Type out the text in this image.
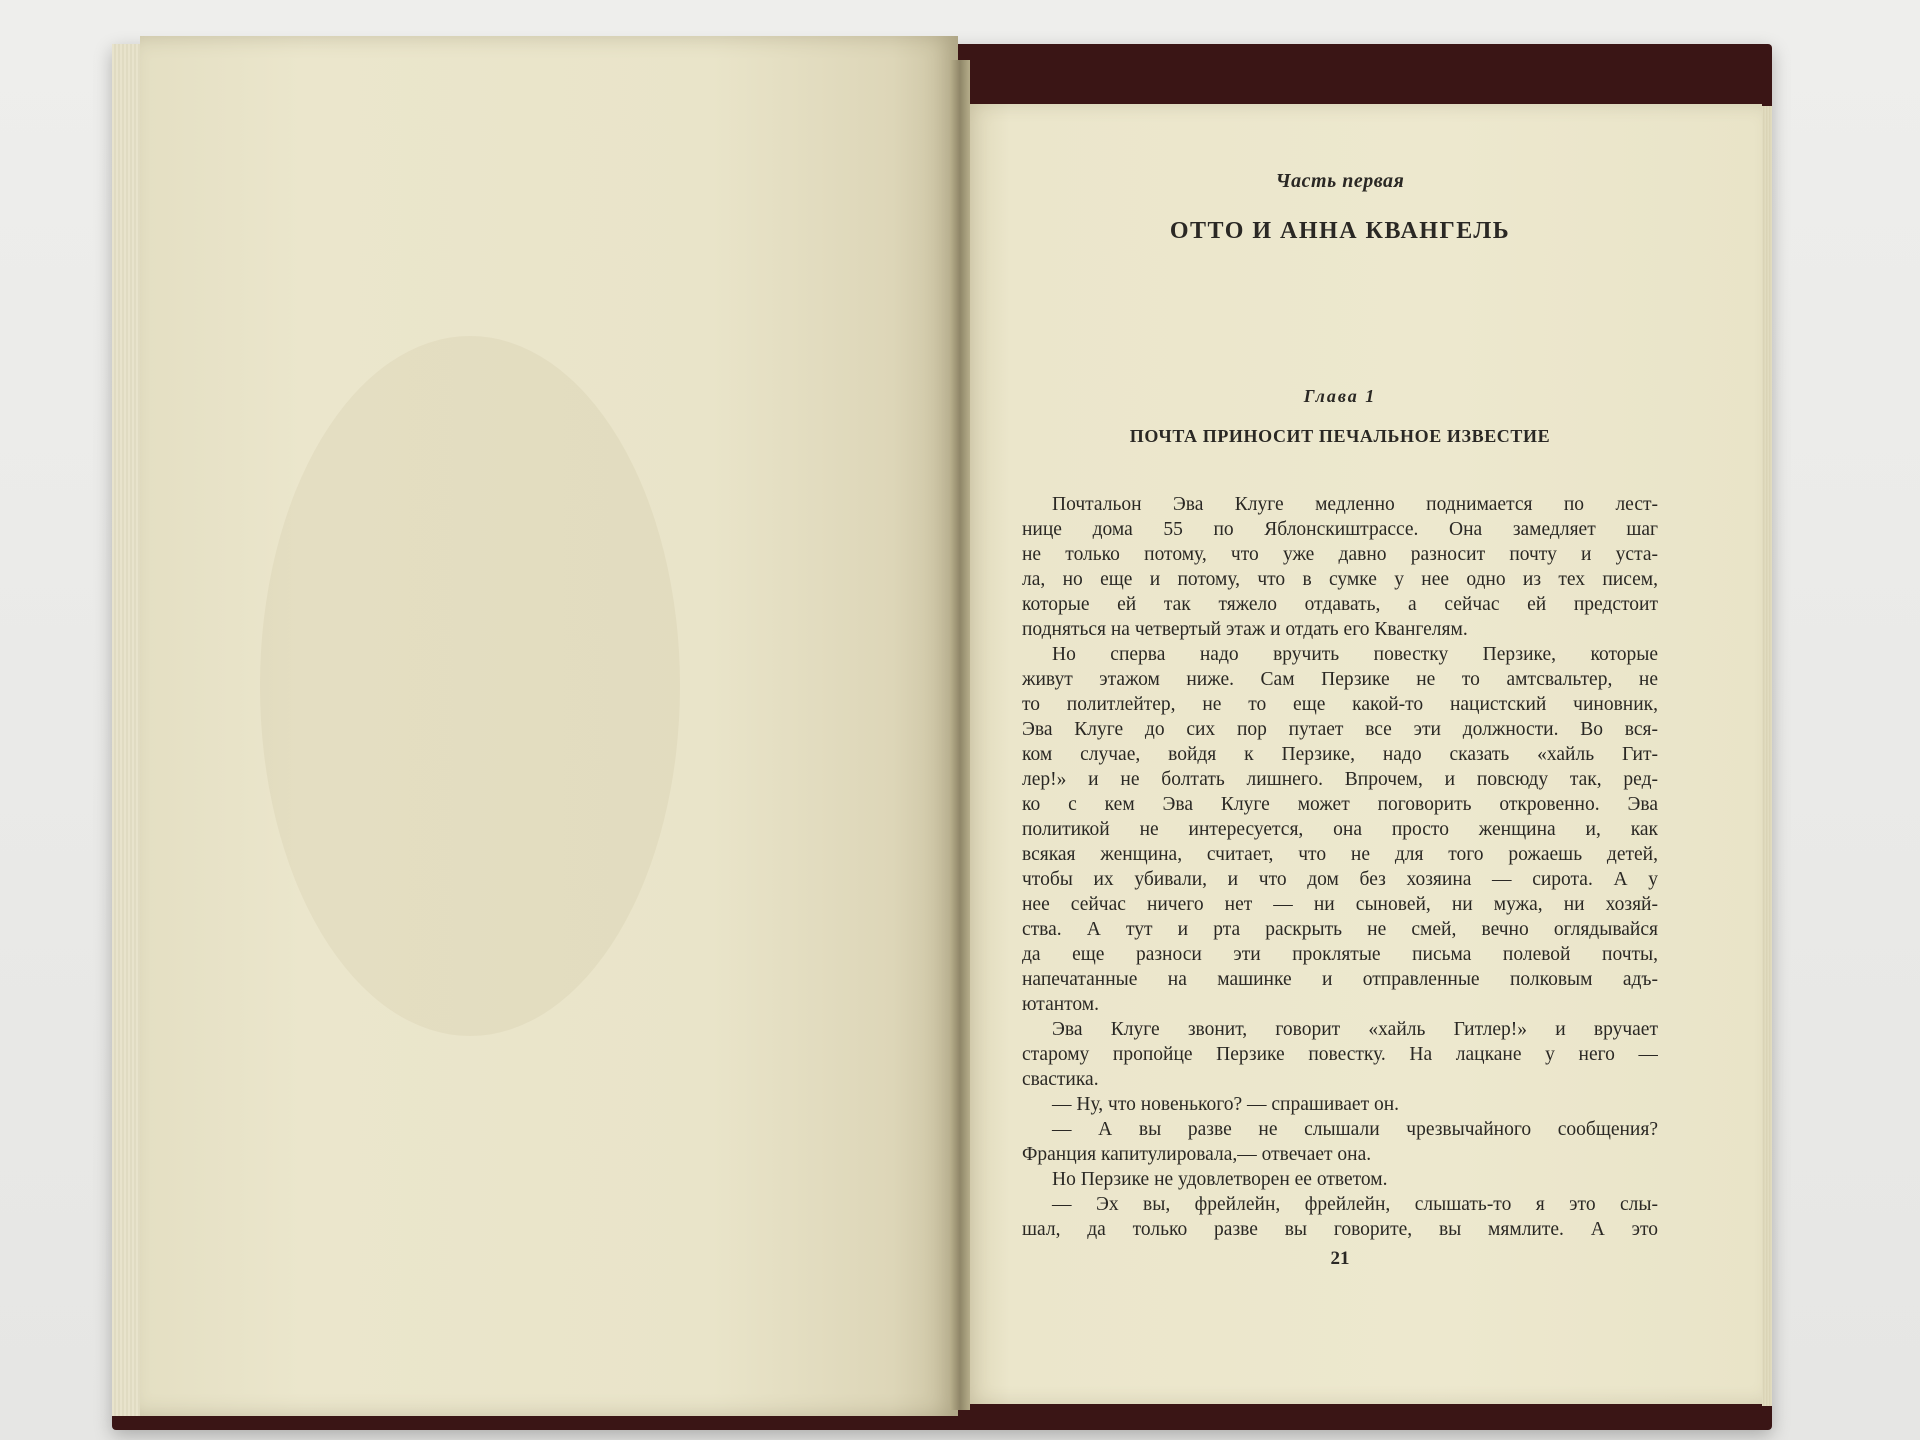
Часть первая
ОТТО И АННА КВАНГЕЛЬ
Глава 1
ПОЧТА ПРИНОСИТ ПЕЧАЛЬНОЕ ИЗВЕСТИЕ
Почтальон Эва Клуге медленно поднимается по лест-
нице дома 55 по Яблонскиштрассе. Она замедляет шаг
не только потому, что уже давно разносит почту и уста-
ла, но еще и потому, что в сумке у нее одно из тех писем,
которые ей так тяжело отдавать, а сейчас ей предстоит
подняться на четвертый этаж и отдать его Квангелям.
Но сперва надо вручить повестку Перзике, которые
живут этажом ниже. Сам Перзике не то амтсвальтер, не
то политлейтер, не то еще какой-то нацистский чиновник,
Эва Клуге до сих пор путает все эти должности. Во вся-
ком случае, войдя к Перзике, надо сказать «хайль Гит-
лер!» и не болтать лишнего. Впрочем, и повсюду так, ред-
ко с кем Эва Клуге может поговорить откровенно. Эва
политикой не интересуется, она просто женщина и, как
всякая женщина, считает, что не для того рожаешь детей,
чтобы их убивали, и что дом без хозяина — сирота. А у
нее сейчас ничего нет — ни сыновей, ни мужа, ни хозяй-
ства. А тут и рта раскрыть не смей, вечно оглядывайся
да еще разноси эти проклятые письма полевой почты,
напечатанные на машинке и отправленные полковым адъ-
ютантом.
Эва Клуге звонит, говорит «хайль Гитлер!» и вручает
старому пропойце Перзике повестку. На лацкане у него —
свастика.
— Ну, что новенького? — спрашивает он.
— А вы разве не слышали чрезвычайного сообщения?
Франция капитулировала,— отвечает она.
Но Перзике не удовлетворен ее ответом.
— Эх вы, фрейлейн, фрейлейн, слышать-то я это слы-
шал, да только разве вы говорите, вы мямлите. А это
21
